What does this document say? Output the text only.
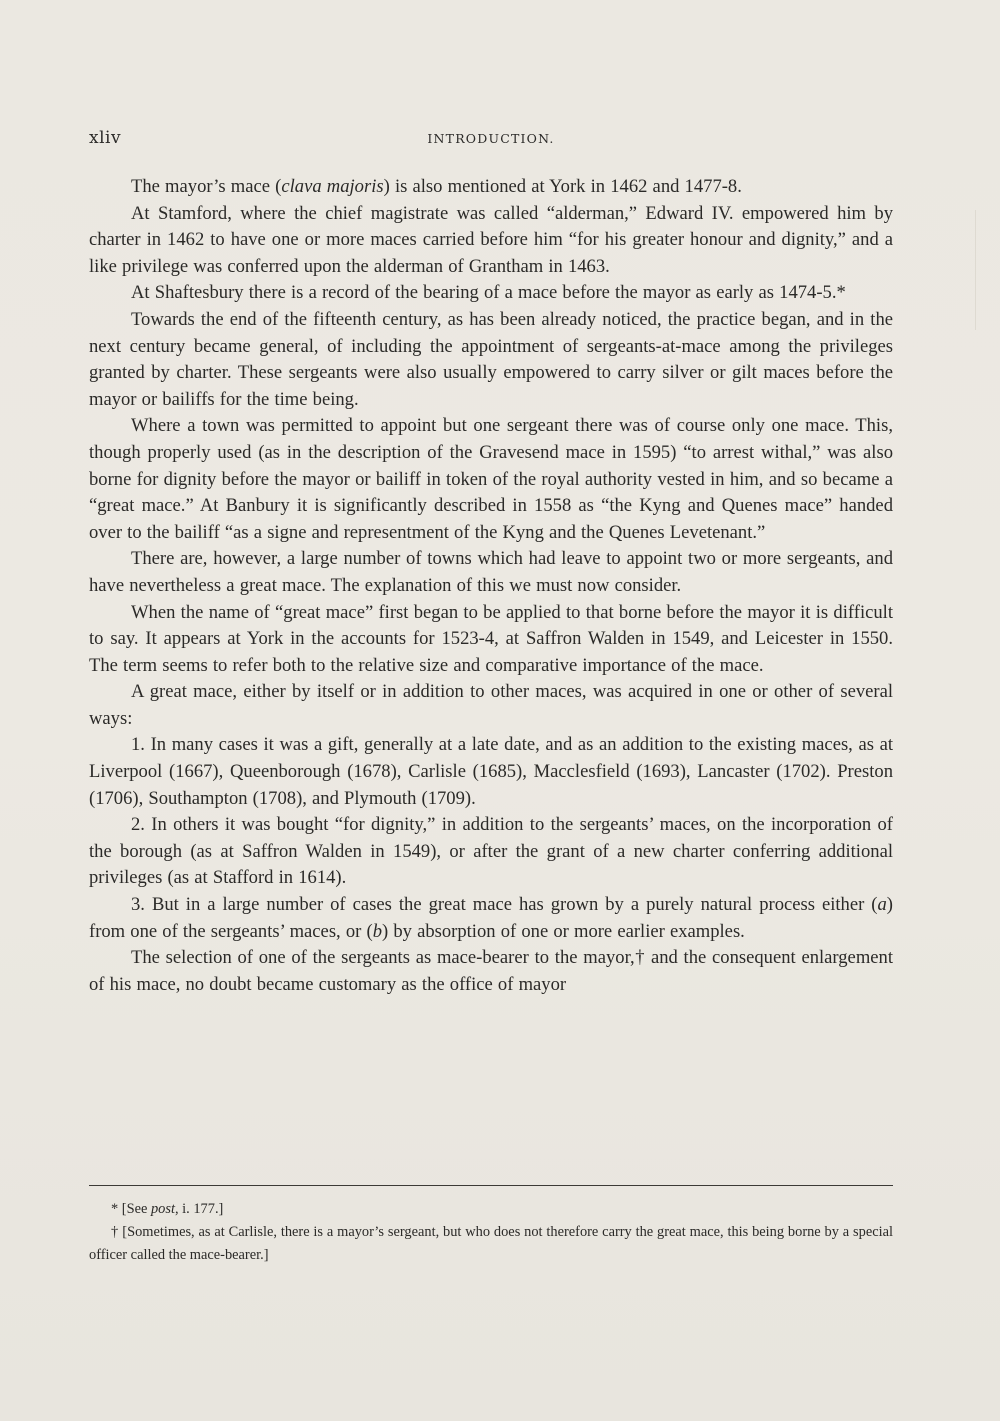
xliv	INTRODUCTION.

The mayor’s mace (clava majoris) is also mentioned at York in 1462 and 1477-8.

At Stamford, where the chief magistrate was called “alderman,” Edward IV. empowered him by charter in 1462 to have one or more maces carried before him “for his greater honour and dignity,” and a like privilege was conferred upon the alderman of Grantham in 1463.

At Shaftesbury there is a record of the bearing of a mace before the mayor as early as 1474-5.*

Towards the end of the fifteenth century, as has been already noticed, the practice began, and in the next century became general, of including the appointment of sergeants-at-mace among the privileges granted by charter. These sergeants were also usually empowered to carry silver or gilt maces before the mayor or bailiffs for the time being.

Where a town was permitted to appoint but one sergeant there was of course only one mace. This, though properly used (as in the description of the Gravesend mace in 1595) “to arrest withal,” was also borne for dignity before the mayor or bailiff in token of the royal authority vested in him, and so became a “great mace.” At Banbury it is significantly described in 1558 as “the Kyng and Quenes mace” handed over to the bailiff “as a signe and representment of the Kyng and the Quenes Levetenant.”

There are, however, a large number of towns which had leave to appoint two or more sergeants, and have nevertheless a great mace. The explanation of this we must now consider.

When the name of “great mace” first began to be applied to that borne before the mayor it is difficult to say. It appears at York in the accounts for 1523-4, at Saffron Walden in 1549, and Leicester in 1550. The term seems to refer both to the relative size and comparative importance of the mace.

A great mace, either by itself or in addition to other maces, was acquired in one or other of several ways:

1. In many cases it was a gift, generally at a late date, and as an addition to the existing maces, as at Liverpool (1667), Queenborough (1678), Carlisle (1685), Macclesfield (1693), Lancaster (1702). Preston (1706), Southampton (1708), and Plymouth (1709).

2. In others it was bought “for dignity,” in addition to the sergeants’ maces, on the incorporation of the borough (as at Saffron Walden in 1549), or after the grant of a new charter conferring additional privileges (as at Stafford in 1614).

3. But in a large number of cases the great mace has grown by a purely natural process either (a) from one of the sergeants’ maces, or (b) by absorption of one or more earlier examples.

The selection of one of the sergeants as mace-bearer to the mayor,† and the consequent enlargement of his mace, no doubt became customary as the office of mayor

* [See post, i. 177.]

† [Sometimes, as at Carlisle, there is a mayor’s sergeant, but who does not therefore carry the great mace, this being borne by a special officer called the mace-bearer.]
